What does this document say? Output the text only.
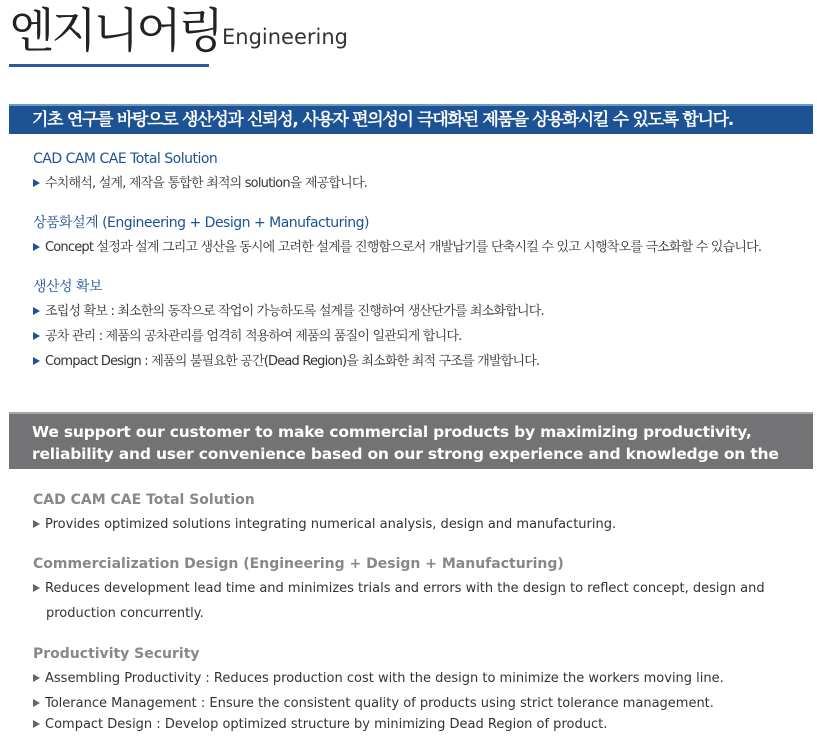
엔지니어링 Engineering
기초 연구를 바탕으로 생산성과 신뢰성, 사용자 편의성이 극대화된 제품을 상용화시킬 수 있도록 합니다.
CAD CAM CAE Total Solution
수치해석, 설계, 제작을 통합한 최적의 solution을 제공합니다.
상품화설계 (Engineering + Design + Manufacturing)
Concept 설정과 설계 그리고 생산을 동시에 고려한 설계를 진행함으로서 개발납기를 단축시킬 수 있고 시행착오를 극소화할 수 있습니다.
생산성 확보
조립성 확보 : 최소한의 동작으로 작업이 가능하도록 설계를 진행하여 생산단가를 최소화합니다.
공차 관리 : 제품의 공차관리를 엄격히 적용하여 제품의 품질이 일관되게 합니다.
Compact Design : 제품의 불필요한 공간(Dead Region)을 최소화한 최적 구조를 개발합니다.
We support our customer to make commercial products by maximizing productivity, reliability and user convenience based on our strong experience and knowledge on the fundamental research.
CAD CAM CAE Total Solution
Provides optimized solutions integrating numerical analysis, design and manufacturing.
Commercialization Design (Engineering + Design + Manufacturing)
Reduces development lead time and minimizes trials and errors with the design to reflect concept, design and production concurrently.
Productivity Security
Assembling Productivity : Reduces production cost with the design to minimize the workers moving line.
Tolerance Management : Ensure the consistent quality of products using strict tolerance management.
Compact Design : Develop optimized structure by minimizing Dead Region of product.
